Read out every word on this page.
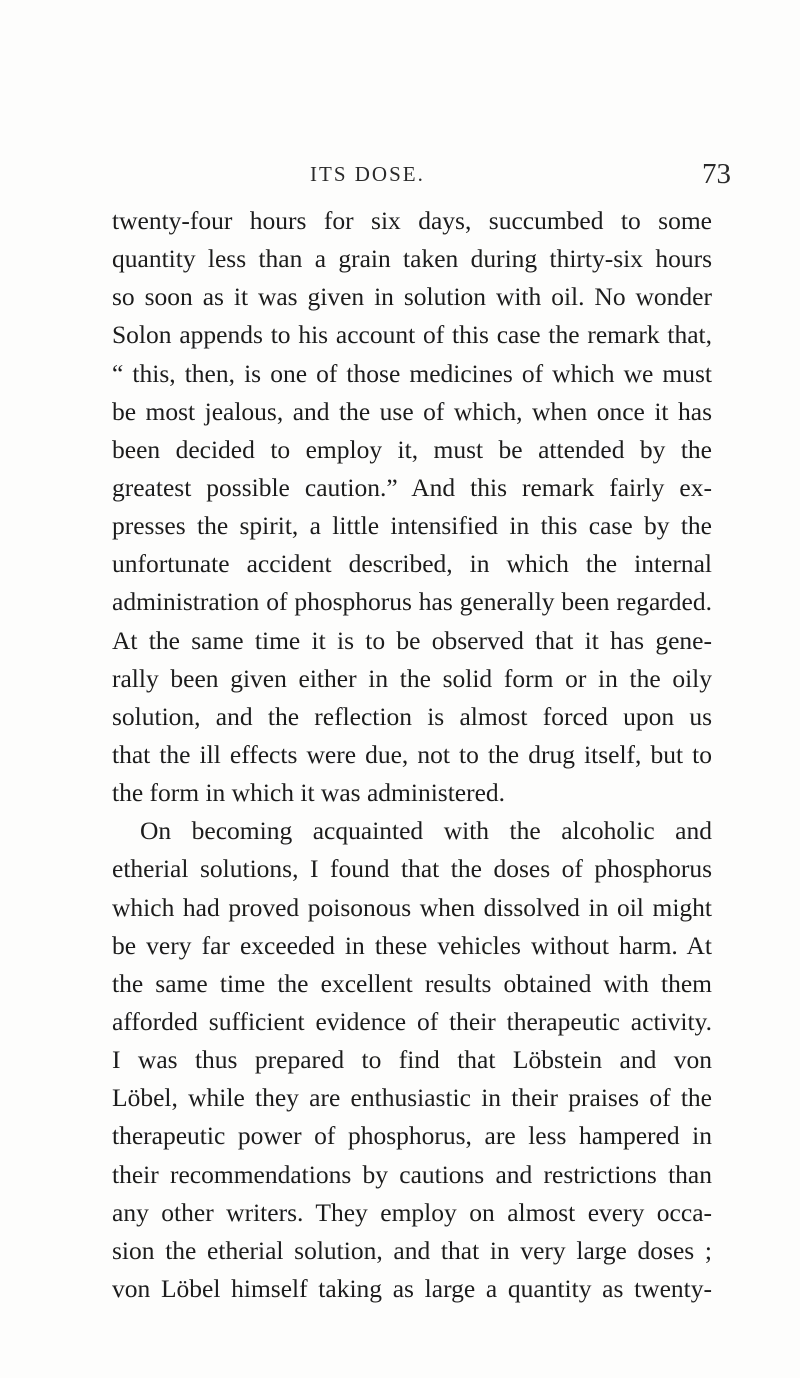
ITS DOSE.	73
twenty-four hours for six days, succumbed to some
quantity less than a grain taken during thirty-six hours
so soon as it was given in solution with oil. No wonder
Solon appends to his account of this case the remark that,
“ this, then, is one of those medicines of which we must
be most jealous, and the use of which, when once it has
been decided to employ it, must be attended by the
greatest possible caution.” And this remark fairly ex-
presses the spirit, a little intensified in this case by the
unfortunate accident described, in which the internal
administration of phosphorus has generally been regarded.
At the same time it is to be observed that it has gene-
rally been given either in the solid form or in the oily
solution, and the reflection is almost forced upon us
that the ill effects were due, not to the drug itself, but to
the form in which it was administered.
On becoming acquainted with the alcoholic and
etherial solutions, I found that the doses of phosphorus
which had proved poisonous when dissolved in oil might
be very far exceeded in these vehicles without harm. At
the same time the excellent results obtained with them
afforded sufficient evidence of their therapeutic activity.
I was thus prepared to find that Löbstein and von
Löbel, while they are enthusiastic in their praises of the
therapeutic power of phosphorus, are less hampered in
their recommendations by cautions and restrictions than
any other writers. They employ on almost every occa-
sion the etherial solution, and that in very large doses ;
von Löbel himself taking as large a quantity as twenty-
